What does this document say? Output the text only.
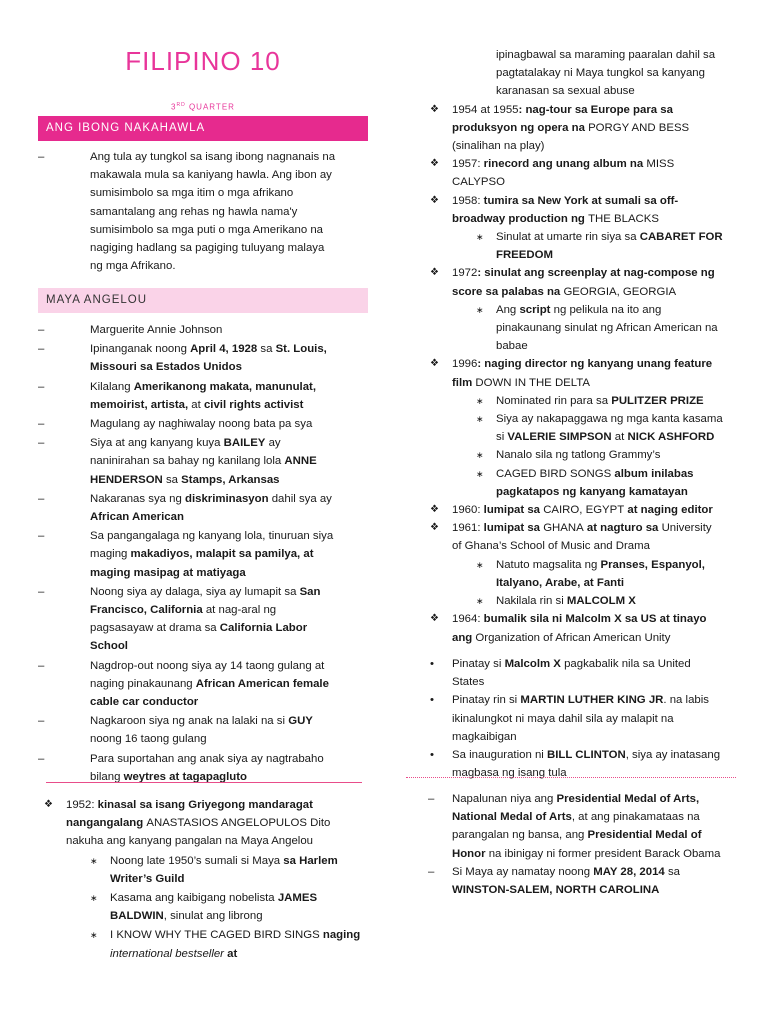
FILIPINO 10
3RD QUARTER
ANG IBONG NAKAHAWLA
–	Ang tula ay tungkol sa isang ibong nagnanais na makawala mula sa kaniyang hawla. Ang ibon ay sumisimbolo sa mga itim o mga afrikano samantalang ang rehas ng hawla nama'y sumisimbolo sa mga puti o mga Amerikano na nagiging hadlang sa pagiging tuluyang malaya ng mga Afrikano.
MAYA ANGELOU
–	Marguerite Annie Johnson
–	Ipinanganak noong April 4, 1928 sa St. Louis, Missouri sa Estados Unidos
–	Kilalang Amerikanong makata, manunulat, memoirist, artista, at civil rights activist
–	Magulang ay naghiwalay noong bata pa sya
–	Siya at ang kanyang kuya BAILEY ay naninirahan sa bahay ng kanilang lola ANNE HENDERSON sa Stamps, Arkansas
–	Nakaranas sya ng diskriminasyon dahil sya ay African American
–	Sa pangangalaga ng kanyang lola, tinuruan siya maging makadiyos, malapit sa pamilya, at maging masipag at matiyaga
–	Noong siya ay dalaga, siya ay lumapit sa San Francisco, California at nag-aral ng pagsasayaw at drama sa California Labor School
–	Nagdrop-out noong siya ay 14 taong gulang at naging pinakaunang African American female cable car conductor
–	Nagkaroon siya ng anak na lalaki na si GUY noong 16 taong gulang
–	Para suportahan ang anak siya ay nagtrabaho bilang weytres at tagapagluto
❖ 1952: kinasal sa isang Griyegong mandaragat nangangalang ANASTASIOS ANGELOPULOS Dito nakuha ang kanyang pangalan na Maya Angelou
∗ Noong late 1950’s sumali si Maya sa Harlem Writer’s Guild
∗ Kasama ang kaibigang nobelista JAMES BALDWIN, sinulat ang librong
∗ I KNOW WHY THE CAGED BIRD SINGS naging international bestseller at
ipinagbawal sa maraming paaralan dahil sa pagtatalakay ni Maya tungkol sa kanyang karanasan sa sexual abuse
❖ 1954 at 1955: nag-tour sa Europe para sa produksyon ng opera na PORGY AND BESS (sinalihan na play)
❖ 1957: rinecord ang unang album na MISS CALYPSO
❖ 1958: tumira sa New York at sumali sa off-broadway production ng THE BLACKS
∗ Sinulat at umarte rin siya sa CABARET FOR FREEDOM
❖ 1972: sinulat ang screenplay at nag-compose ng score sa palabas na GEORGIA, GEORGIA
∗ Ang script ng pelikula na ito ang pinakaunang sinulat ng African American na babae
❖ 1996: naging director ng kanyang unang feature film DOWN IN THE DELTA
∗ Nominated rin para sa PULITZER PRIZE
∗ Siya ay nakapaggawa ng mga kanta kasama si VALERIE SIMPSON at NICK ASHFORD
∗ Nanalo sila ng tatlong Grammy’s
∗ CAGED BIRD SONGS album inilabas pagkatapos ng kanyang kamatayan
❖ 1960: lumipat sa CAIRO, EGYPT at naging editor
❖ 1961: lumipat sa GHANA at nagturo sa University of Ghana’s School of Music and Drama
∗ Natuto magsalita ng Pranses, Espanyol, Italyano, Arabe, at Fanti
∗ Nakilala rin si MALCOLM X
❖ 1964: bumalik sila ni Malcolm X sa US at tinayo ang Organization of African American Unity
• Pinatay si Malcolm X pagkabalik nila sa United States
• Pinatay rin si MARTIN LUTHER KING JR. na labis ikinalungkot ni maya dahil sila ay malapit na magkaibigan
• Sa inauguration ni BILL CLINTON, siya ay inatasang magbasa ng isang tula
– Napalunan niya ang Presidential Medal of Arts, National Medal of Arts, at ang pinakamataas na parangalan ng bansa, ang Presidential Medal of Honor na ibinigay ni former president Barack Obama
– Si Maya ay namatay noong MAY 28, 2014 sa WINSTON-SALEM, NORTH CAROLINA
